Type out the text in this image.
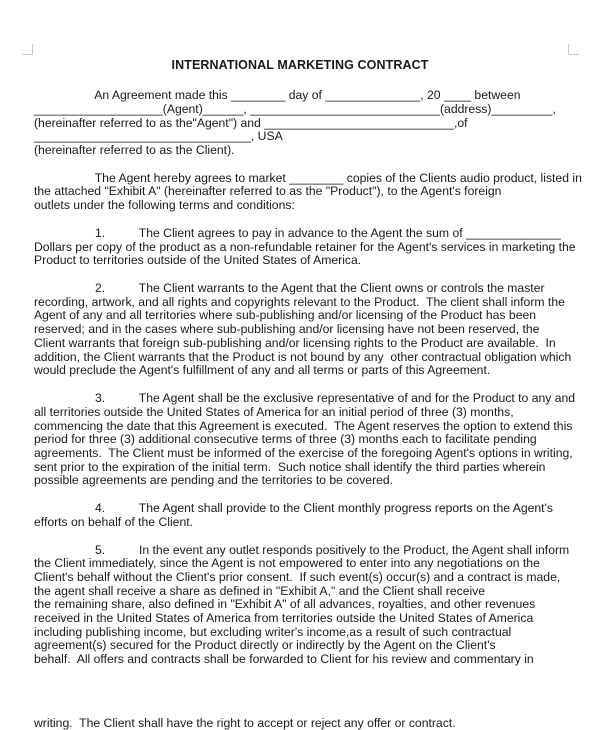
INTERNATIONAL MARKETING CONTRACT
An Agreement made this ________ day of ______________, 20 ____ between
___________________(Agent)______, ____________________________(address)_________,
(hereinafter referred to as the"Agent") and ____________________________,of
________________________________, USA
(hereinafter referred to as the Client).
The Agent hereby agrees to market ________ copies of the Clients audio product, listed in
the attached "Exhibit A" (hereinafter referred to as the "Product"), to the Agent's foreign
outlets under the following terms and conditions:
1.          The Client agrees to pay in advance to the Agent the sum of ______________
Dollars per copy of the product as a non-refundable retainer for the Agent's services in marketing the
Product to territories outside of the United States of America.
2.          The Client warrants to the Agent that the Client owns or controls the master
recording, artwork, and all rights and copyrights relevant to the Product.  The client shall inform the
Agent of any and all territories where sub-publishing and/or licensing of the Product has been
reserved; and in the cases where sub-publishing and/or licensing have not been reserved, the
Client warrants that foreign sub-publishing and/or licensing rights to the Product are available.  In
addition, the Client warrants that the Product is not bound by any  other contractual obligation which
would preclude the Agent's fulfillment of any and all terms or parts of this Agreement.
3.          The Agent shall be the exclusive representative of and for the Product to any and
all territories outside the United States of America for an initial period of three (3) months,
commencing the date that this Agreement is executed.  The Agent reserves the option to extend this
period for three (3) additional consecutive terms of three (3) months each to facilitate pending
agreements.  The Client must be informed of the exercise of the foregoing Agent's options in writing,
sent prior to the expiration of the initial term.  Such notice shall identify the third parties wherein
possible agreements are pending and the territories to be covered.
4.          The Agent shall provide to the Client monthly progress reports on the Agent's
efforts on behalf of the Client.
5.          In the event any outlet responds positively to the Product, the Agent shall inform
the Client immediately, since the Agent is not empowered to enter into any negotiations on the
Client's behalf without the Client's prior consent.  If such event(s) occur(s) and a contract is made,
the agent shall receive a share as defined in "Exhibit A," and the Client shall receive
the remaining share, also defined in "Exhibit A" of all advances, royalties, and other revenues
received in the United States of America from territories outside the United States of America
including publishing income, but excluding writer's income,as a result of such contractual
agreement(s) secured for the Product directly or indirectly by the Agent on the Client's
behalf.  All offers and contracts shall be forwarded to Client for his review and commentary in
$^{writing. The Client shall have the right to accept or reject any offer or contract.}$
